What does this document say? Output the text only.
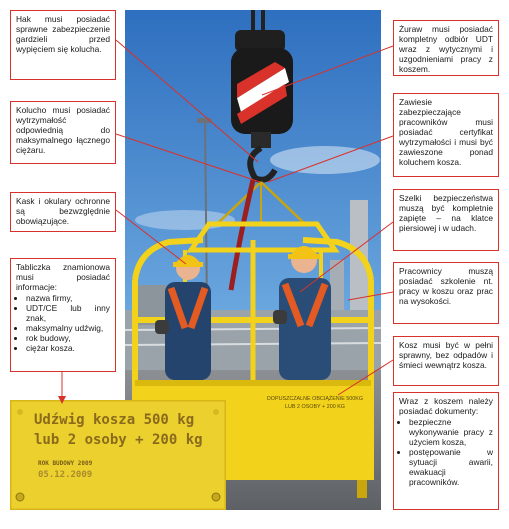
Hak musi posiadać sprawne zabezpieczenie gardzieli przed wypięciem się kolucha.
Kolucho musi posiadać wytrzymałość odpowiednią do maksymalnego łącznego ciężaru.
Kask i okulary ochronne są bezwzględnie obowiązujące.
Tabliczka znamionowa musi posiadać informacje:
• nazwa firmy,
• UDT/CE lub inny znak,
• maksymalny udźwig,
• rok budowy,
• ciężar kosza.
Żuraw musi posiadać kompletny odbiór UDT wraz z wytycznymi i uzgodnieniami pracy z koszem.
Zawiesie zabezpieczające pracowników musi posiadać certyfikat wytrzymałości i musi być zawieszone ponad koluchem kosza.
Szelki bezpieczeństwa muszą być kompletnie zapięte – na klatce piersiowej i w udach.
Pracownicy muszą posiadać szkolenie nt. pracy w koszu oraz prac na wysokości.
Kosz musi być w pełni sprawny, bez odpadów i śmieci wewnątrz kosza.
Wraz z koszem należy posiadać dokumenty:
• bezpieczne wykonywanie pracy z użyciem kosza,
• postępowanie w sytuacji awarii, ewakuacji pracowników.
DOPUSZCZALNE OBCIĄŻENIE 500KG
LUB 2 OSOBY + 200 KG
Udźwig kosza 500 kg
lub 2 osoby + 200 kg
ROK BUDOWY 2009
05.12.2009
